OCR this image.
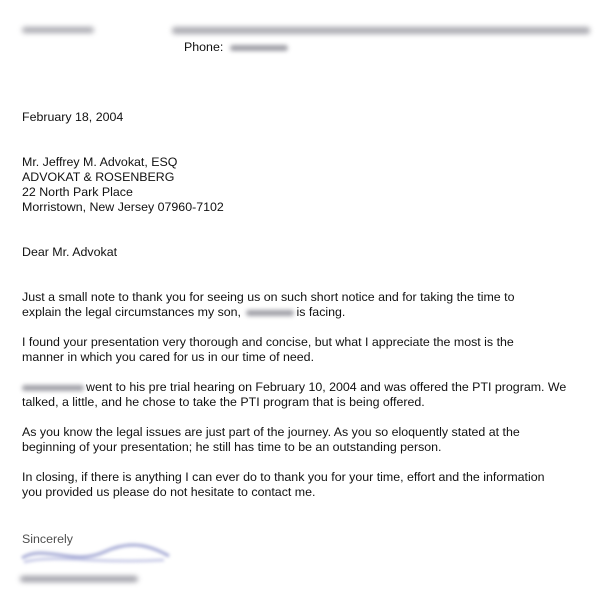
Phone:
February 18, 2004
Mr. Jeffrey M. Advokat, ESQ
ADVOKAT & ROSENBERG
22 North Park Place
Morristown, New Jersey 07960-7102
Dear Mr. Advokat
Just a small note to thank you for seeing us on such short notice and for taking the time to
explain the legal circumstances my son,	is facing.
I found your presentation very thorough and concise, but what I appreciate the most is the
manner in which you cared for us in our time of need.
went to his pre trial hearing on February 10, 2004 and was offered the PTI program. We
talked, a little, and he chose to take the PTI program that is being offered.
As you know the legal issues are just part of the journey. As you so eloquently stated at the
beginning of your presentation; he still has time to be an outstanding person.
In closing, if there is anything I can ever do to thank you for your time, effort and the information
you provided us please do not hesitate to contact me.
Sincerely
